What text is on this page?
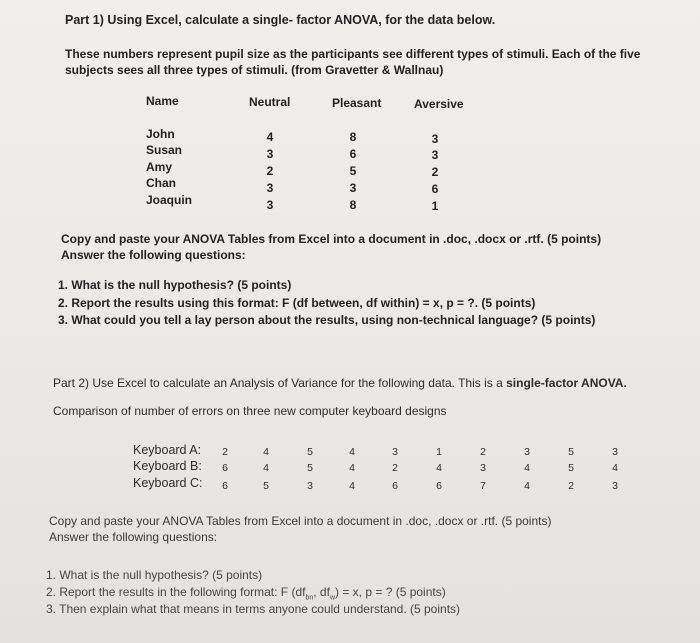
Part 1) Using Excel, calculate a single- factor ANOVA, for the data below.
These numbers represent pupil size as the participants see different types of stimuli. Each of the five
subjects sees all three types of stimuli. (from Gravetter & Wallnau)
Name	Neutral	Pleasant	Aversive
John	4	8	3
Susan	3	6	3
Amy	2	5	2
Chan	3	3	6
Joaquin	3	8	1
Copy and paste your ANOVA Tables from Excel into a document in .doc, .docx or .rtf. (5 points)
Answer the following questions:
1. What is the null hypothesis? (5 points)
2. Report the results using this format: F (df between, df within) = x, p = ?. (5 points)
3. What could you tell a lay person about the results, using non-technical language? (5 points)
Part 2) Use Excel to calculate an Analysis of Variance for the following data. This is a single-factor ANOVA.
Comparison of number of errors on three new computer keyboard designs
Keyboard A:	2	4	5	4	3	1	2	3	5	3
Keyboard B:	6	4	5	4	2	4	3	4	5	4
Keyboard C:	6	5	3	4	6	6	7	4	2	3
Copy and paste your ANOVA Tables from Excel into a document in .doc, .docx or .rtf. (5 points)
Answer the following questions:
1. What is the null hypothesis? (5 points)
2. Report the results in the following format: F ($df_{bn}$, $df_w) = x$, p = ? (5 points)
3. Then explain what that means in terms anyone could understand. (5 points)
